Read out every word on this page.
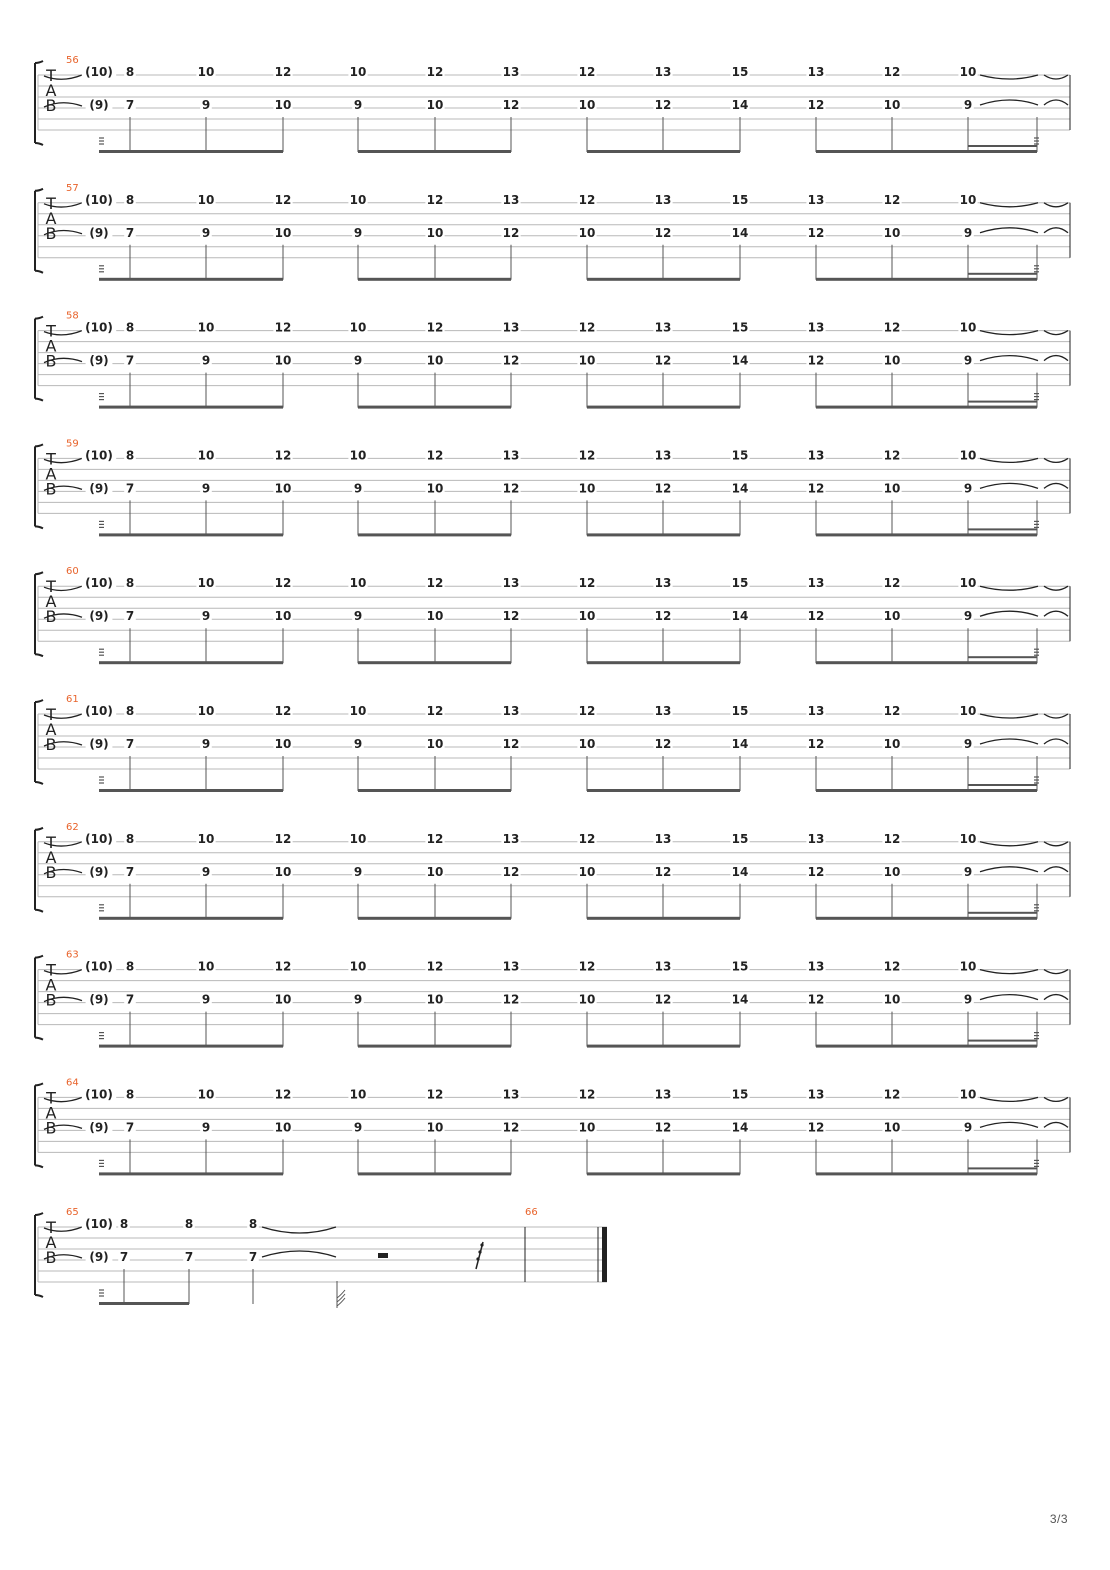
T
A
B
56
(10)
(9)
8
7
10
9
12
10
10
9
12
10
13
12
12
10
13
12
15
14
13
12
12
10
10
9
T
A
B
57
(10)
(9)
8
7
10
9
12
10
10
9
12
10
13
12
12
10
13
12
15
14
13
12
12
10
10
9
T
A
B
58
(10)
(9)
8
7
10
9
12
10
10
9
12
10
13
12
12
10
13
12
15
14
13
12
12
10
10
9
T
A
B
59
(10)
(9)
8
7
10
9
12
10
10
9
12
10
13
12
12
10
13
12
15
14
13
12
12
10
10
9
T
A
B
60
(10)
(9)
8
7
10
9
12
10
10
9
12
10
13
12
12
10
13
12
15
14
13
12
12
10
10
9
T
A
B
61
(10)
(9)
8
7
10
9
12
10
10
9
12
10
13
12
12
10
13
12
15
14
13
12
12
10
10
9
T
A
B
62
(10)
(9)
8
7
10
9
12
10
10
9
12
10
13
12
12
10
13
12
15
14
13
12
12
10
10
9
T
A
B
63
(10)
(9)
8
7
10
9
12
10
10
9
12
10
13
12
12
10
13
12
15
14
13
12
12
10
10
9
T
A
B
64
(10)
(9)
8
7
10
9
12
10
10
9
12
10
13
12
12
10
13
12
15
14
13
12
12
10
10
9
T
A
B
65	66
(10)
(9)
8
7
8
7
8
7
3/3
